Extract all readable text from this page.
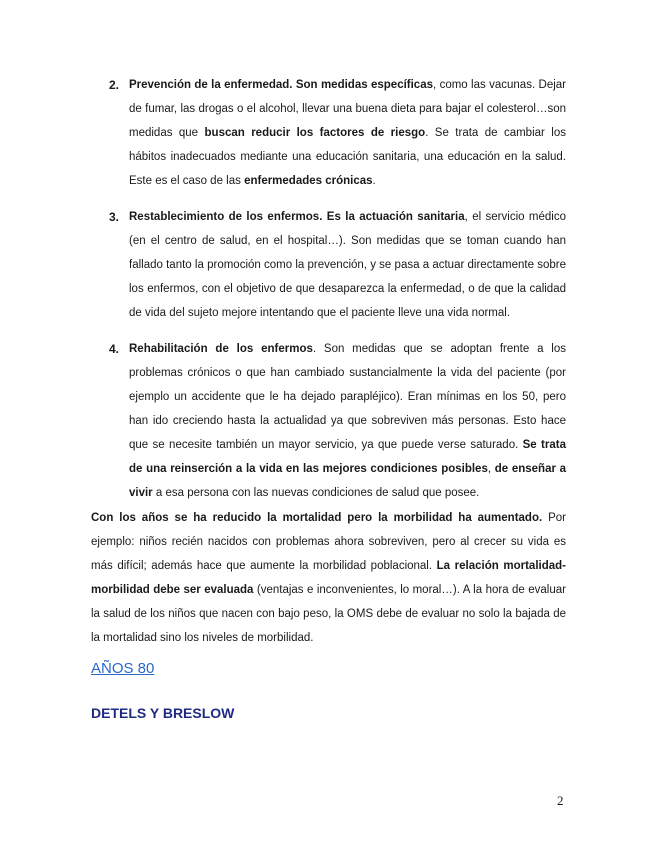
2. Prevención de la enfermedad. Son medidas específicas, como las vacunas. Dejar de fumar, las drogas o el alcohol, llevar una buena dieta para bajar el colesterol…son medidas que buscan reducir los factores de riesgo. Se trata de cambiar los hábitos inadecuados mediante una educación sanitaria, una educación en la salud. Este es el caso de las enfermedades crónicas.

3. Restablecimiento de los enfermos. Es la actuación sanitaria, el servicio médico (en el centro de salud, en el hospital…). Son medidas que se toman cuando han fallado tanto la promoción como la prevención, y se pasa a actuar directamente sobre los enfermos, con el objetivo de que desaparezca la enfermedad, o de que la calidad de vida del sujeto mejore intentando que el paciente lleve una vida normal.

4. Rehabilitación de los enfermos. Son medidas que se adoptan frente a los problemas crónicos o que han cambiado sustancialmente la vida del paciente (por ejemplo un accidente que le ha dejado parapléjico). Eran mínimas en los 50, pero han ido creciendo hasta la actualidad ya que sobreviven más personas. Esto hace que se necesite también un mayor servicio, ya que puede verse saturado. Se trata de una reinserción a la vida en las mejores condiciones posibles, de enseñar a vivir a esa persona con las nuevas condiciones de salud que posee.

Con los años se ha reducido la mortalidad pero la morbilidad ha aumentado. Por ejemplo: niños recién nacidos con problemas ahora sobreviven, pero al crecer su vida es más difícil; además hace que aumente la morbilidad poblacional. La relación mortalidad-morbilidad debe ser evaluada (ventajas e inconvenientes, lo moral…). A la hora de evaluar la salud de los niños que nacen con bajo peso, la OMS debe de evaluar no solo la bajada de la mortalidad sino los niveles de morbilidad.

AÑOS 80

DETELS Y BRESLOW

2
